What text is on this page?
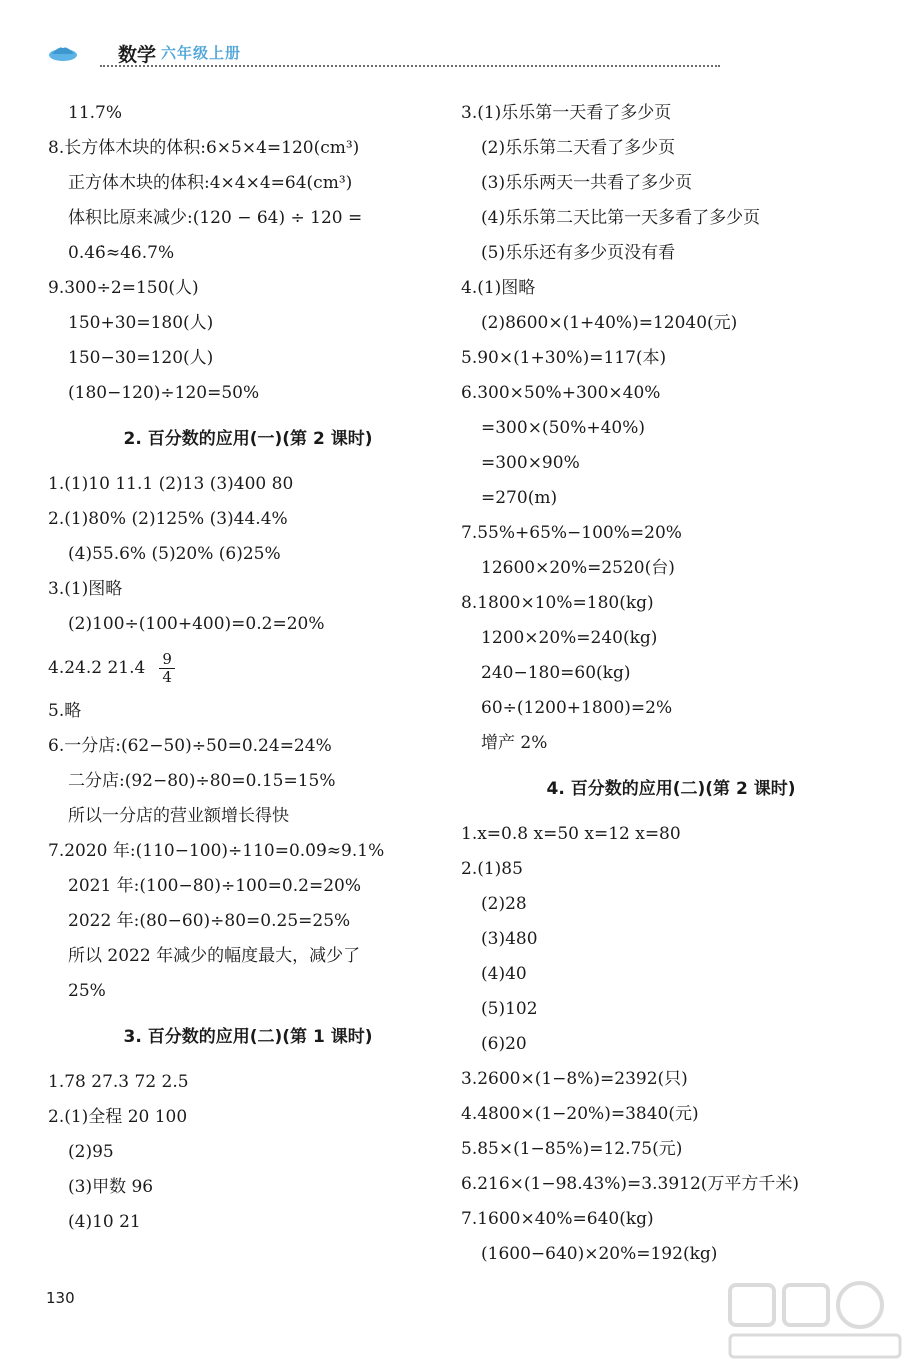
数学 六年级上册
11.7%
8.长方体木块的体积:6×5×4=120(cm³)
正方体木块的体积:4×4×4=64(cm³)
体积比原来减少:(120 − 64) ÷ 120 =
0.46̇≈46.7%
9.300÷2=150(人)
150+30=180(人)
150−30=120(人)
(180−120)÷120=50%
2. 百分数的应用(一)(第 2 课时)
1.(1)10 11.1 (2)13 (3)400 80
2.(1)80% (2)125% (3)44.4%
(4)55.6% (5)20% (6)25%
3.(1)图略
(2)100÷(100+400)=0.2=20%
4.24.2 $21.4 \frac{9}{4}$
5.略
6.一分店:(62−50)÷50=0.24=24%
二分店:(92−80)÷80=0.15=15%
所以一分店的营业额增长得快
7.2020 年:(110−100)÷110=0.0̇9̇≈9.1%
2021 年:(100−80)÷100=0.2=20%
2022 年:(80−60)÷80=0.25=25%
所以 2022 年减少的幅度最大，减少了
25%
3. 百分数的应用(二)(第 1 课时)
1.78 27.3 72 2.5
2.(1)全程 20 100
(2)95
(3)甲数 96
(4)10 21
3.(1)乐乐第一天看了多少页
(2)乐乐第二天看了多少页
(3)乐乐两天一共看了多少页
(4)乐乐第二天比第一天多看了多少页
(5)乐乐还有多少页没有看
4.(1)图略
(2)8600×(1+40%)=12040(元)
5.90×(1+30%)=117(本)
6.300×50%+300×40%
=300×(50%+40%)
=300×90%
=270(m)
7.55%+65%−100%=20%
12600×20%=2520(台)
8.1800×10%=180(kg)
1200×20%=240(kg)
240−180=60(kg)
60÷(1200+1800)=2%
增产 2%
4. 百分数的应用(二)(第 2 课时)
1.x=0.8 x=50 x=12 x=80
2.(1)85
(2)28
(3)480
(4)40
(5)102
(6)20
3.2600×(1−8%)=2392(只)
4.4800×(1−20%)=3840(元)
5.85×(1−85%)=12.75(元)
6.216×(1−98.43%)=3.3912(万平方千米)
7.1600×40%=640(kg)
(1600−640)×20%=192(kg)
130
